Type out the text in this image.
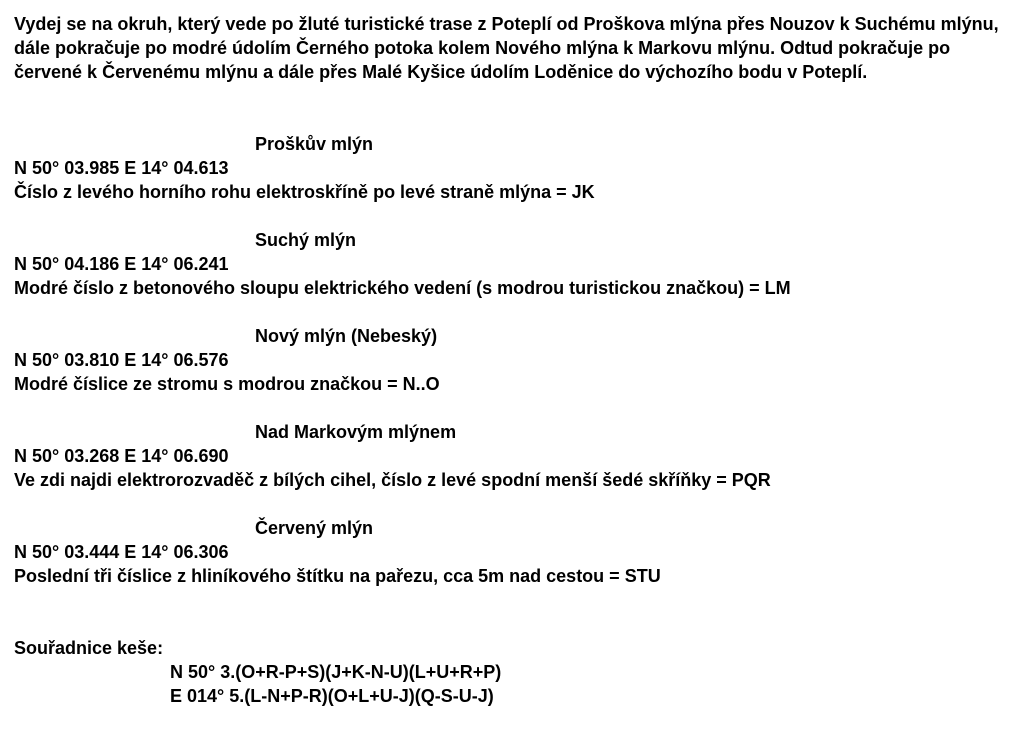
Vydej se na okruh, který vede po žluté turistické trase z Poteplí od Proškova mlýna přes Nouzov k Suchému mlýnu, dále pokračuje po modré údolím Černého potoka kolem Nového mlýna k Markovu mlýnu. Odtud pokračuje po červené k Červenému mlýnu a dále přes Malé Kyšice údolím Loděnice do výchozího bodu v Poteplí.

Proškův mlýn
N 50° 03.985 E 14° 04.613
Číslo z levého horního rohu elektroskříně po levé straně mlýna = JK
Suchý mlýn
N 50° 04.186 E 14° 06.241
Modré číslo z betonového sloupu elektrického vedení (s modrou turistickou značkou) = LM
Nový mlýn (Nebeský)
N 50° 03.810 E 14° 06.576
Modré číslice ze stromu s modrou značkou = N..O
Nad Markovým mlýnem
N 50° 03.268 E 14° 06.690
Ve zdi najdi elektrorozvaděč z bílých cihel, číslo z levé spodní menší šedé skříňky = PQR
Červený mlýn
N 50° 03.444 E 14° 06.306
Poslední tři číslice z hliníkového štítku na pařezu, cca 5m nad cestou = STU
Souřadnice keše:
N 50° 3.(O+R-P+S)(J+K-N-U)(L+U+R+P)
E 014° 5.(L-N+P-R)(O+L+U-J)(Q-S-U-J)
